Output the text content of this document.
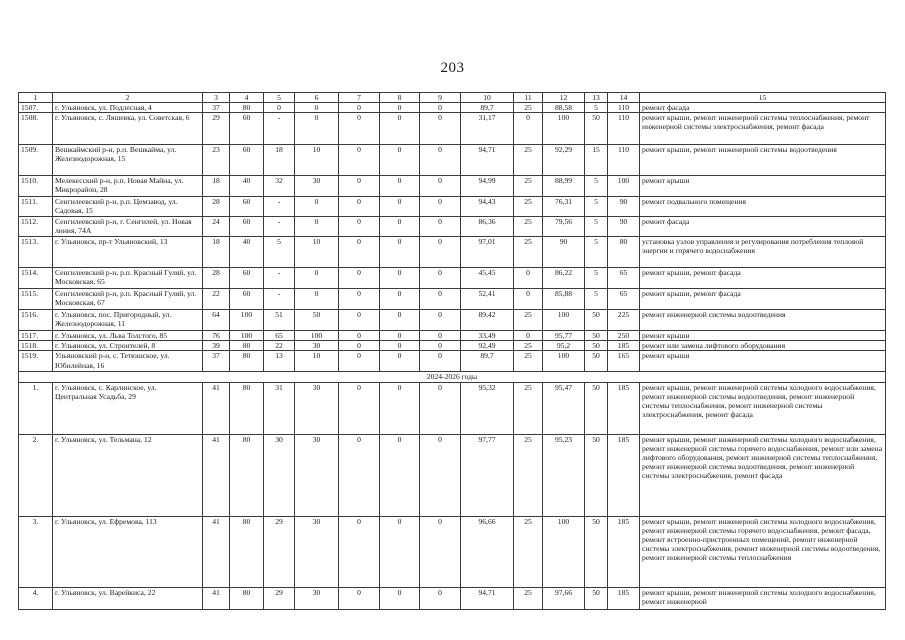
203
1	2	3	4	5	6	7	8	9	10	11	12	13	14	15
1507.	г. Ульяновск, ул. Подлесная, 4	37	80	0	0	0	0	0	89,7	25	88,58	5	110	ремонт фасада
1508.	г. Ульяновск, с. Ляшевка, ул. Советская, 6	29	60	-	0	0	0	0	31,17	0	100	50	110	ремонт крыши, ремонт инженерной системы теплоснабжения, ремонт инженерной системы электроснабжения, ремонт фасада
1509.	Вешкаймский р-н, р.п. Вешкайма, ул. Железнодорожная, 15	23	60	18	10	0	0	0	94,71	25	92,29	15	110	ремонт крыши, ремонт инженерной системы водоотведения
1510.	Мелекесский р-н, р.п. Новая Майна, ул. Микрорайон, 28	18	40	32	30	0	0	0	94,99	25	88,99	5	100	ремонт крыши
1511.	Сенгилеевский р-н, р.п. Цемзавод, ул. Садовая, 15	28	60	-	0	0	0	0	94,43	25	76,31	5	90	ремонт подвального помещения
1512.	Сенгилеевский р-н, г. Сенгилей, ул. Новая линия, 74А	24	60	-	0	0	0	0	86,36	25	79,56	5	90	ремонт фасада
1513.	г. Ульяновск, пр-т Ульяновский, 13	18	40	5	10	0	0	0	97,01	25	90	5	80	установка узлов управления и регулирования потребления тепловой энергии и горячего водоснабжения
1514.	Сенгилеевский р-н, р.п. Красный Гуляй, ул. Московская, 65	28	60	-	0	0	0	0	45,45	0	86,22	5	65	ремонт крыши, ремонт фасада
1515.	Сенгилеевский р-н, р.п. Красный Гуляй, ул. Московская, 67	22	60	-	0	0	0	0	52,41	0	85,88	5	65	ремонт крыши, ремонт фасада
1516.	г. Ульяновск, пос. Пригородный, ул. Железнодорожная, 11	64	100	51	50	0	0	0	89,42	25	100	50	225	ремонт инженерной системы водоотведения
1517.	г. Ульяновск, ул. Льва Толстого, 85	76	100	65	100	0	0	0	33,49	0	95,77	50	250	ремонт крыши
1518.	г. Ульяновск, ул. Строителей, 8	39	80	22	30	0	0	0	92,49	25	95,2	50	185	ремонт или замена лифтового оборудования
1519.	Ульяновский р-н, с. Тетюшское, ул. Юбилейная, 16	37	80	13	10	0	0	0	89,7	25	100	50	165	ремонт крыши
2024-2026 годы														
1.	г. Ульяновск, с. Карлинское, ул. Центральная Усадьба, 29	41	80	31	30	0	0	0	95,32	25	95,47	50	185	ремонт крыши, ремонт инженерной системы холодного водоснабжения, ремонт инженерной системы водоотведения, ремонт инженерной системы теплоснабжения, ремонт инженерной системы электроснабжения, ремонт фасада
2.	г. Ульяновск, ул. Тельмана, 12	41	80	30	30	0	0	0	97,77	25	95,23	50	185	ремонт крыши, ремонт инженерной системы холодного водоснабжения, ремонт инженерной системы горячего водоснабжения, ремонт или замена лифтового оборудования, ремонт инженерной системы теплоснабжения, ремонт инженерной системы водоотведения, ремонт инженерной системы электроснабжения, ремонт фасада
3.	г. Ульяновск, ул. Ефремова, 113	41	80	29	30	0	0	0	96,66	25	100	50	185	ремонт крыши, ремонт инженерной системы холодного водоснабжения, ремонт инженерной системы горячего водоснабжения, ремонт фасада, ремонт встроенно-пристроенных помещений, ремонт инженерной системы электроснабжения, ремонт инженерной системы водоотведения, ремонт инженерной системы теплоснабжения
4.	г. Ульяновск, ул. Варейкиса, 22	41	80	29	30	0	0	0	94,71	25	97,66	50	185	ремонт крыши, ремонт инженерной системы холодного водоснабжения, ремонт инженерной
